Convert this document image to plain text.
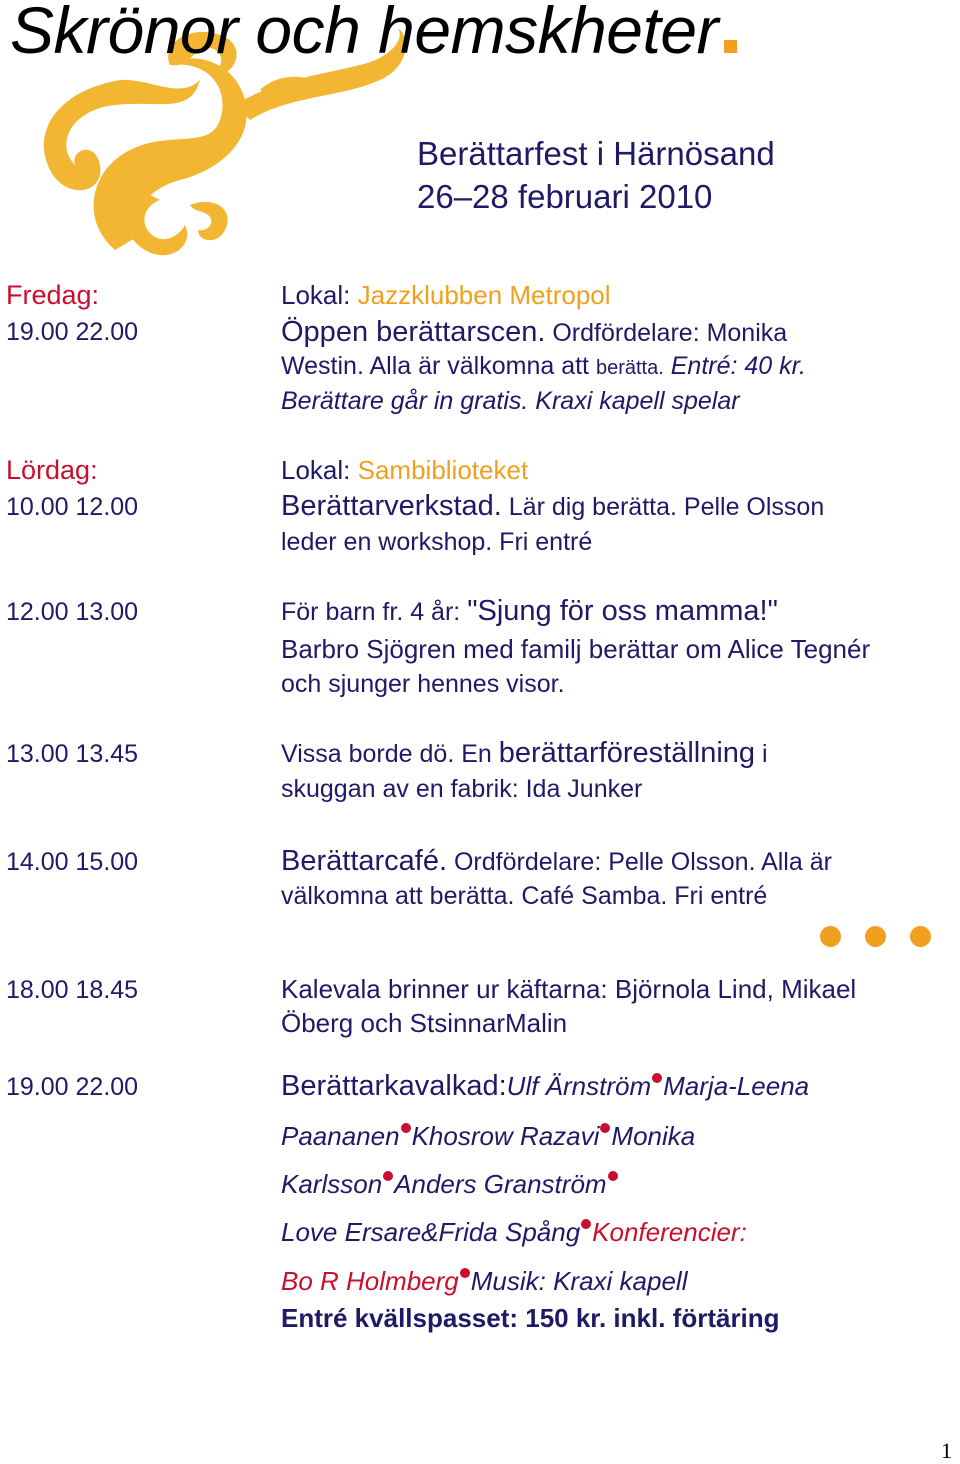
Skrönor och hemskheter
Berättarfest i Härnösand
26–28 februari 2010
Fredag:	Lokal: Jazzklubben Metropol
19.00 22.00	Öppen berättarscen. Ordfördelare: Monika
Westin. Alla är välkomna att berätta. Entré: 40 kr.
Berättare går in gratis. Kraxi kapell spelar
Lördag:	Lokal: Sambiblioteket
10.00 12.00	Berättarverkstad. Lär dig berätta. Pelle Olsson
leder en workshop. Fri entré
12.00 13.00	För barn fr. 4 år: "Sjung för oss mamma!"
Barbro Sjögren med familj berättar om Alice Tegnér
och sjunger hennes visor.
13.00 13.45	Vissa borde dö. En berättarföreställning i
skuggan av en fabrik: Ida Junker
14.00 15.00	Berättarcafé. Ordfördelare: Pelle Olsson. Alla är
välkomna att berätta. Café Samba. Fri entré
18.00 18.45	Kalevala brinner ur käftarna: Björnola Lind, Mikael
Öberg och StsinnarMalin
19.00 22.00	Berättarkavalkad:Ulf Ärnström Marja-Leena
Paananen Khosrow Razavi Monika
Karlsson Anders Granström
Love Ersare&Frida Spång Konferencier:
Bo R Holmberg Musik: Kraxi kapell
Entré kvällspasset: 150 kr. inkl. förtäring
1
